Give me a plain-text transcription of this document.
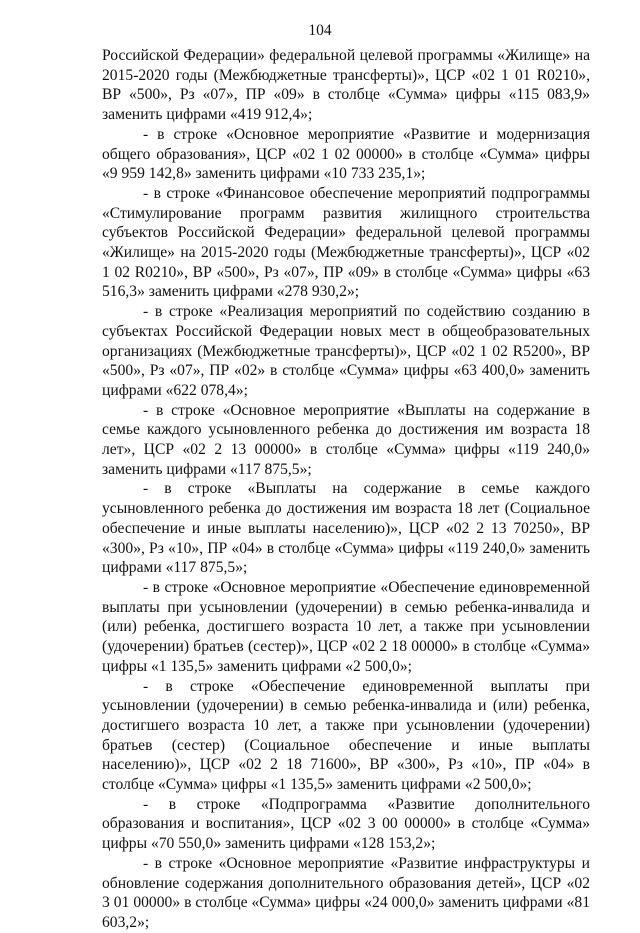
104

Российской Федерации» федеральной целевой программы «Жилище» на 2015-2020 годы (Межбюджетные трансферты)», ЦСР «02 1 01 R0210», ВР «500», Рз «07», ПР «09» в столбце «Сумма» цифры «115 083,9» заменить цифрами «419 912,4»;

- в строке «Основное мероприятие «Развитие и модернизация общего образования», ЦСР «02 1 02 00000» в столбце «Сумма» цифры «9 959 142,8» заменить цифрами «10 733 235,1»;

- в строке «Финансовое обеспечение мероприятий подпрограммы «Стимулирование программ развития жилищного строительства субъектов Российской Федерации» федеральной целевой программы «Жилище» на 2015-2020 годы (Межбюджетные трансферты)», ЦСР «02 1 02 R0210», ВР «500», Рз «07», ПР «09» в столбце «Сумма» цифры «63 516,3» заменить цифрами «278 930,2»;

- в строке «Реализация мероприятий по содействию созданию в субъектах Российской Федерации новых мест в общеобразовательных организациях (Межбюджетные трансферты)», ЦСР «02 1 02 R5200», ВР «500», Рз «07», ПР «02» в столбце «Сумма» цифры «63 400,0» заменить цифрами «622 078,4»;

- в строке «Основное мероприятие «Выплаты на содержание в семье каждого усыновленного ребенка до достижения им возраста 18 лет», ЦСР «02 2 13 00000» в столбце «Сумма» цифры «119 240,0» заменить цифрами «117 875,5»;

- в строке «Выплаты на содержание в семье каждого усыновленного ребенка до достижения им возраста 18 лет (Социальное обеспечение и иные выплаты населению)», ЦСР «02 2 13 70250», ВР «300», Рз «10», ПР «04» в столбце «Сумма» цифры «119 240,0» заменить цифрами «117 875,5»;

- в строке «Основное мероприятие «Обеспечение единовременной выплаты при усыновлении (удочерении) в семью ребенка-инвалида и (или) ребенка, достигшего возраста 10 лет, а также при усыновлении (удочерении) братьев (сестер)», ЦСР «02 2 18 00000» в столбце «Сумма» цифры «1 135,5» заменить цифрами «2 500,0»;

- в строке «Обеспечение единовременной выплаты при усыновлении (удочерении) в семью ребенка-инвалида и (или) ребенка, достигшего возраста 10 лет, а также при усыновлении (удочерении) братьев (сестер) (Социальное обеспечение и иные выплаты населению)», ЦСР «02 2 18 71600», ВР «300», Рз «10», ПР «04» в столбце «Сумма» цифры «1 135,5» заменить цифрами «2 500,0»;

- в строке «Подпрограмма «Развитие дополнительного образования и воспитания», ЦСР «02 3 00 00000» в столбце «Сумма» цифры «70 550,0» заменить цифрами «128 153,2»;

- в строке «Основное мероприятие «Развитие инфраструктуры и обновление содержания дополнительного образования детей», ЦСР «02 3 01 00000» в столбце «Сумма» цифры «24 000,0» заменить цифрами «81 603,2»;
